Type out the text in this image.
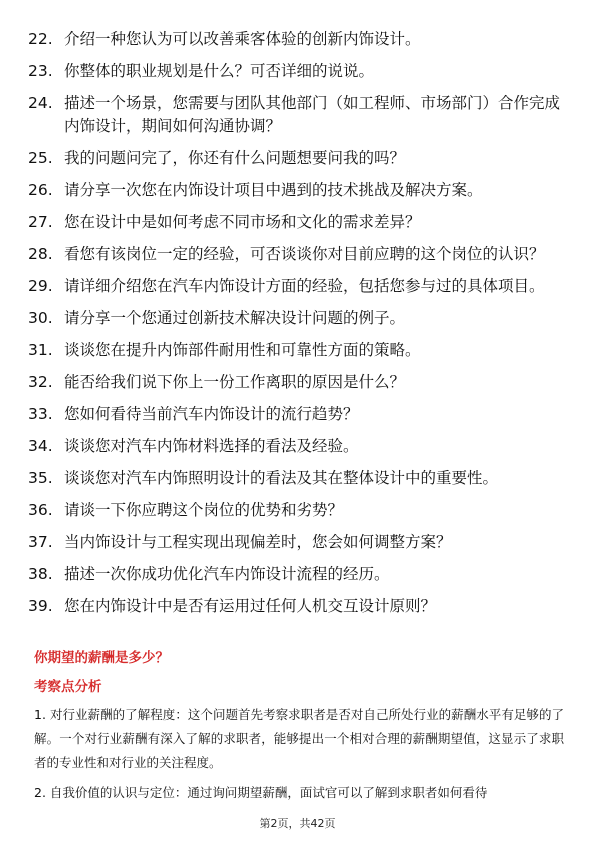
22. 介绍一种您认为可以改善乘客体验的创新内饰设计。
23. 你整体的职业规划是什么？可否详细的说说。
24. 描述一个场景，您需要与团队其他部门（如工程师、市场部门）合作完成内饰设计，期间如何沟通协调？
25. 我的问题问完了，你还有什么问题想要问我的吗？
26. 请分享一次您在内饰设计项目中遇到的技术挑战及解决方案。
27. 您在设计中是如何考虑不同市场和文化的需求差异？
28. 看您有该岗位一定的经验，可否谈谈你对目前应聘的这个岗位的认识？
29. 请详细介绍您在汽车内饰设计方面的经验，包括您参与过的具体项目。
30. 请分享一个您通过创新技术解决设计问题的例子。
31. 谈谈您在提升内饰部件耐用性和可靠性方面的策略。
32. 能否给我们说下你上一份工作离职的原因是什么？
33. 您如何看待当前汽车内饰设计的流行趋势？
34. 谈谈您对汽车内饰材料选择的看法及经验。
35. 谈谈您对汽车内饰照明设计的看法及其在整体设计中的重要性。
36. 请谈一下你应聘这个岗位的优势和劣势？
37. 当内饰设计与工程实现出现偏差时，您会如何调整方案？
38. 描述一次你成功优化汽车内饰设计流程的经历。
39. 您在内饰设计中是否有运用过任何人机交互设计原则？
你期望的薪酬是多少？
考察点分析
1. 对行业薪酬的了解程度：这个问题首先考察求职者是否对自己所处行业的薪酬水平有足够的了解。一个对行业薪酬有深入了解的求职者，能够提出一个相对合理的薪酬期望值，这显示了求职者的专业性和对行业的关注程度。
2. 自我价值的认识与定位：通过询问期望薪酬，面试官可以了解到求职者如何看待
第2页，共42页
